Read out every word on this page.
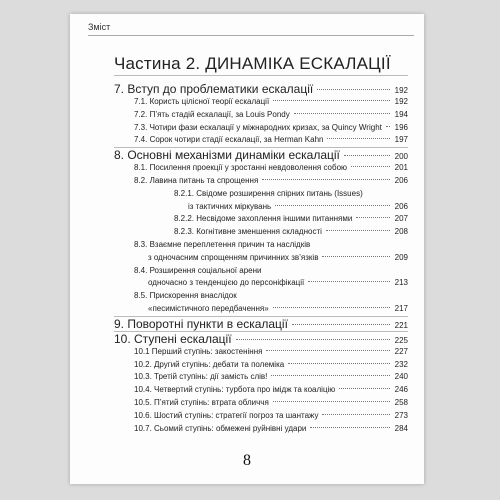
Зміст
Частина 2. ДИНАМІКА ЕСКАЛАЦІЇ
7. Вступ до проблематики ескалації	192
7.1. Користь цілісної теорії ескалації	192
7.2. П’ять стадій ескалації, за Louis Pondy	194
7.3. Чотири фази ескалації у міжнародних кризах, за Quincy Wright	196
7.4. Сорок чотири стадії ескалації, за Herman Kahn	197
8. Основні механізми динаміки ескалації	200
8.1. Посилення проекції у зростанні невдоволення собою	201
8.2. Лавина питань та спрощення	206
8.2.1. Свідоме розширення спірних питань (Issues)
із тактичних міркувань	206
8.2.2. Несвідоме захоплення іншими питаннями	207
8.2.3. Когнітивне зменшення складності	208
8.3. Взаємне переплетення причин та наслідків
з одночасним спрощенням причинних зв’язків	209
8.4. Розширення соціальної арени
одночасно з тенденцією до персоніфікації	213
8.5. Прискорення внаслідок
«песимістичного передбачення»	217
9. Поворотні пункти в ескалації	221
10. Ступені ескалації	225
10.1 Перший ступінь: закостеніння	227
10.2. Другий ступінь: дебати та полеміка	232
10.3. Третій ступінь: дії замість слів!	240
10.4. Четвертий ступінь: турбота про імідж та коаліцію	246
10.5. П’ятий ступінь: втрата обличчя	258
10.6. Шостий ступінь: стратегії погроз та шантажу	273
10.7. Сьомий ступінь: обмежені руйнівні удари	284
8
